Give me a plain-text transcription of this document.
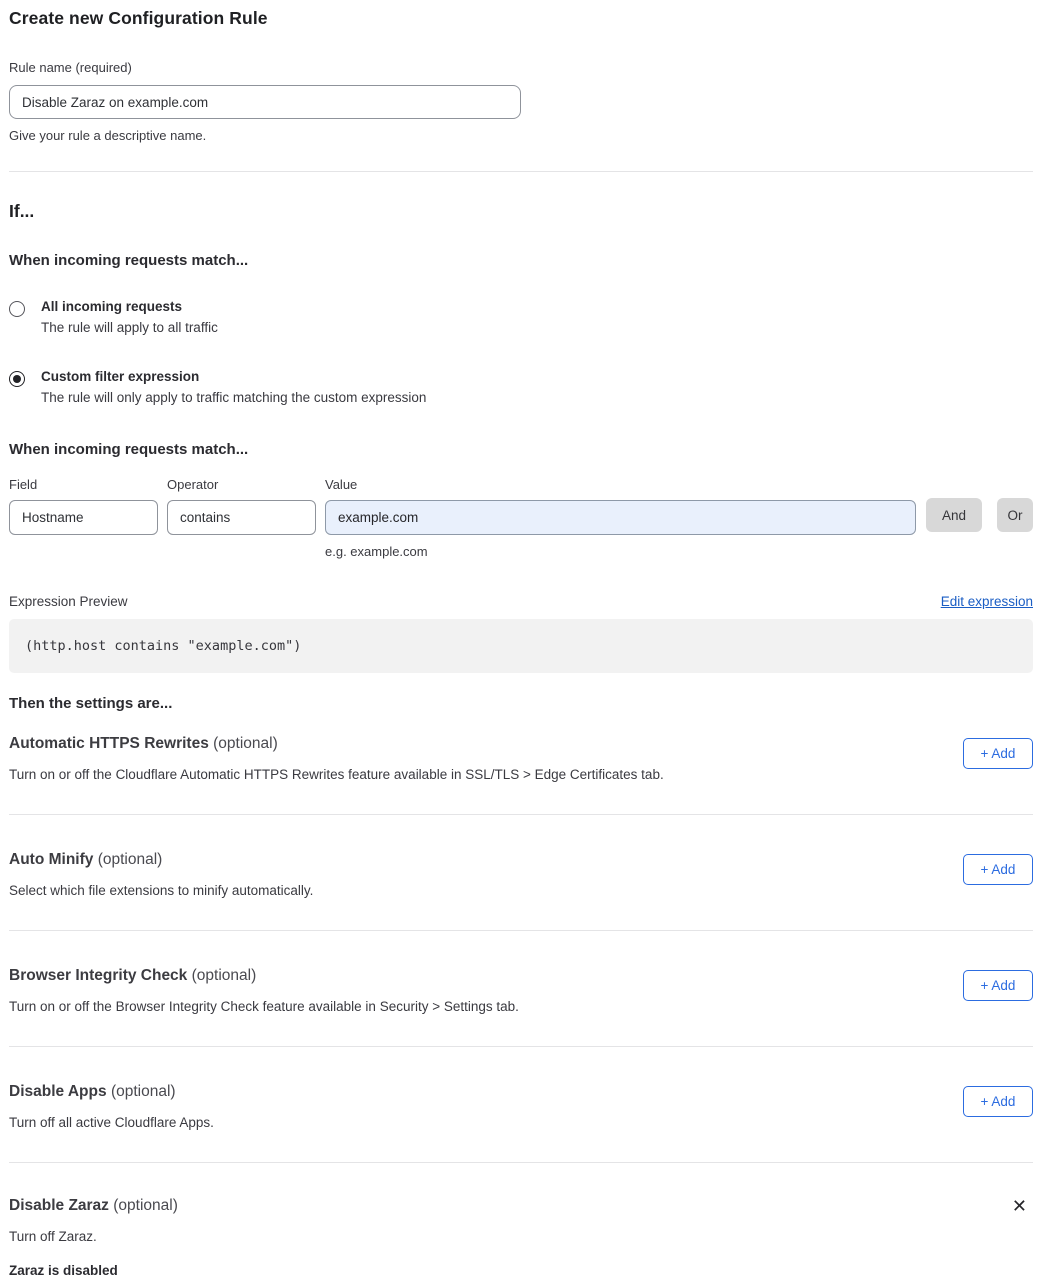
Create new Configuration Rule
Rule name (required)
Disable Zaraz on example.com
Give your rule a descriptive name.
If...
When incoming requests match...
All incoming requests
The rule will apply to all traffic
Custom filter expression
The rule will only apply to traffic matching the custom expression
When incoming requests match...
Field
Hostname
Operator
contains
Value
example.com
e.g. example.com
And	Or
Expression Preview	Edit expression
(http.host contains "example.com")
Then the settings are...
Automatic HTTPS Rewrites (optional)
Turn on or off the Cloudflare Automatic HTTPS Rewrites feature available in SSL/TLS > Edge Certificates tab.
+ Add
Auto Minify (optional)
Select which file extensions to minify automatically.
+ Add
Browser Integrity Check (optional)
Turn on or off the Browser Integrity Check feature available in Security > Settings tab.
+ Add
Disable Apps (optional)
Turn off all active Cloudflare Apps.
+ Add
Disable Zaraz (optional)	✕
Turn off Zaraz.
Zaraz is disabled
